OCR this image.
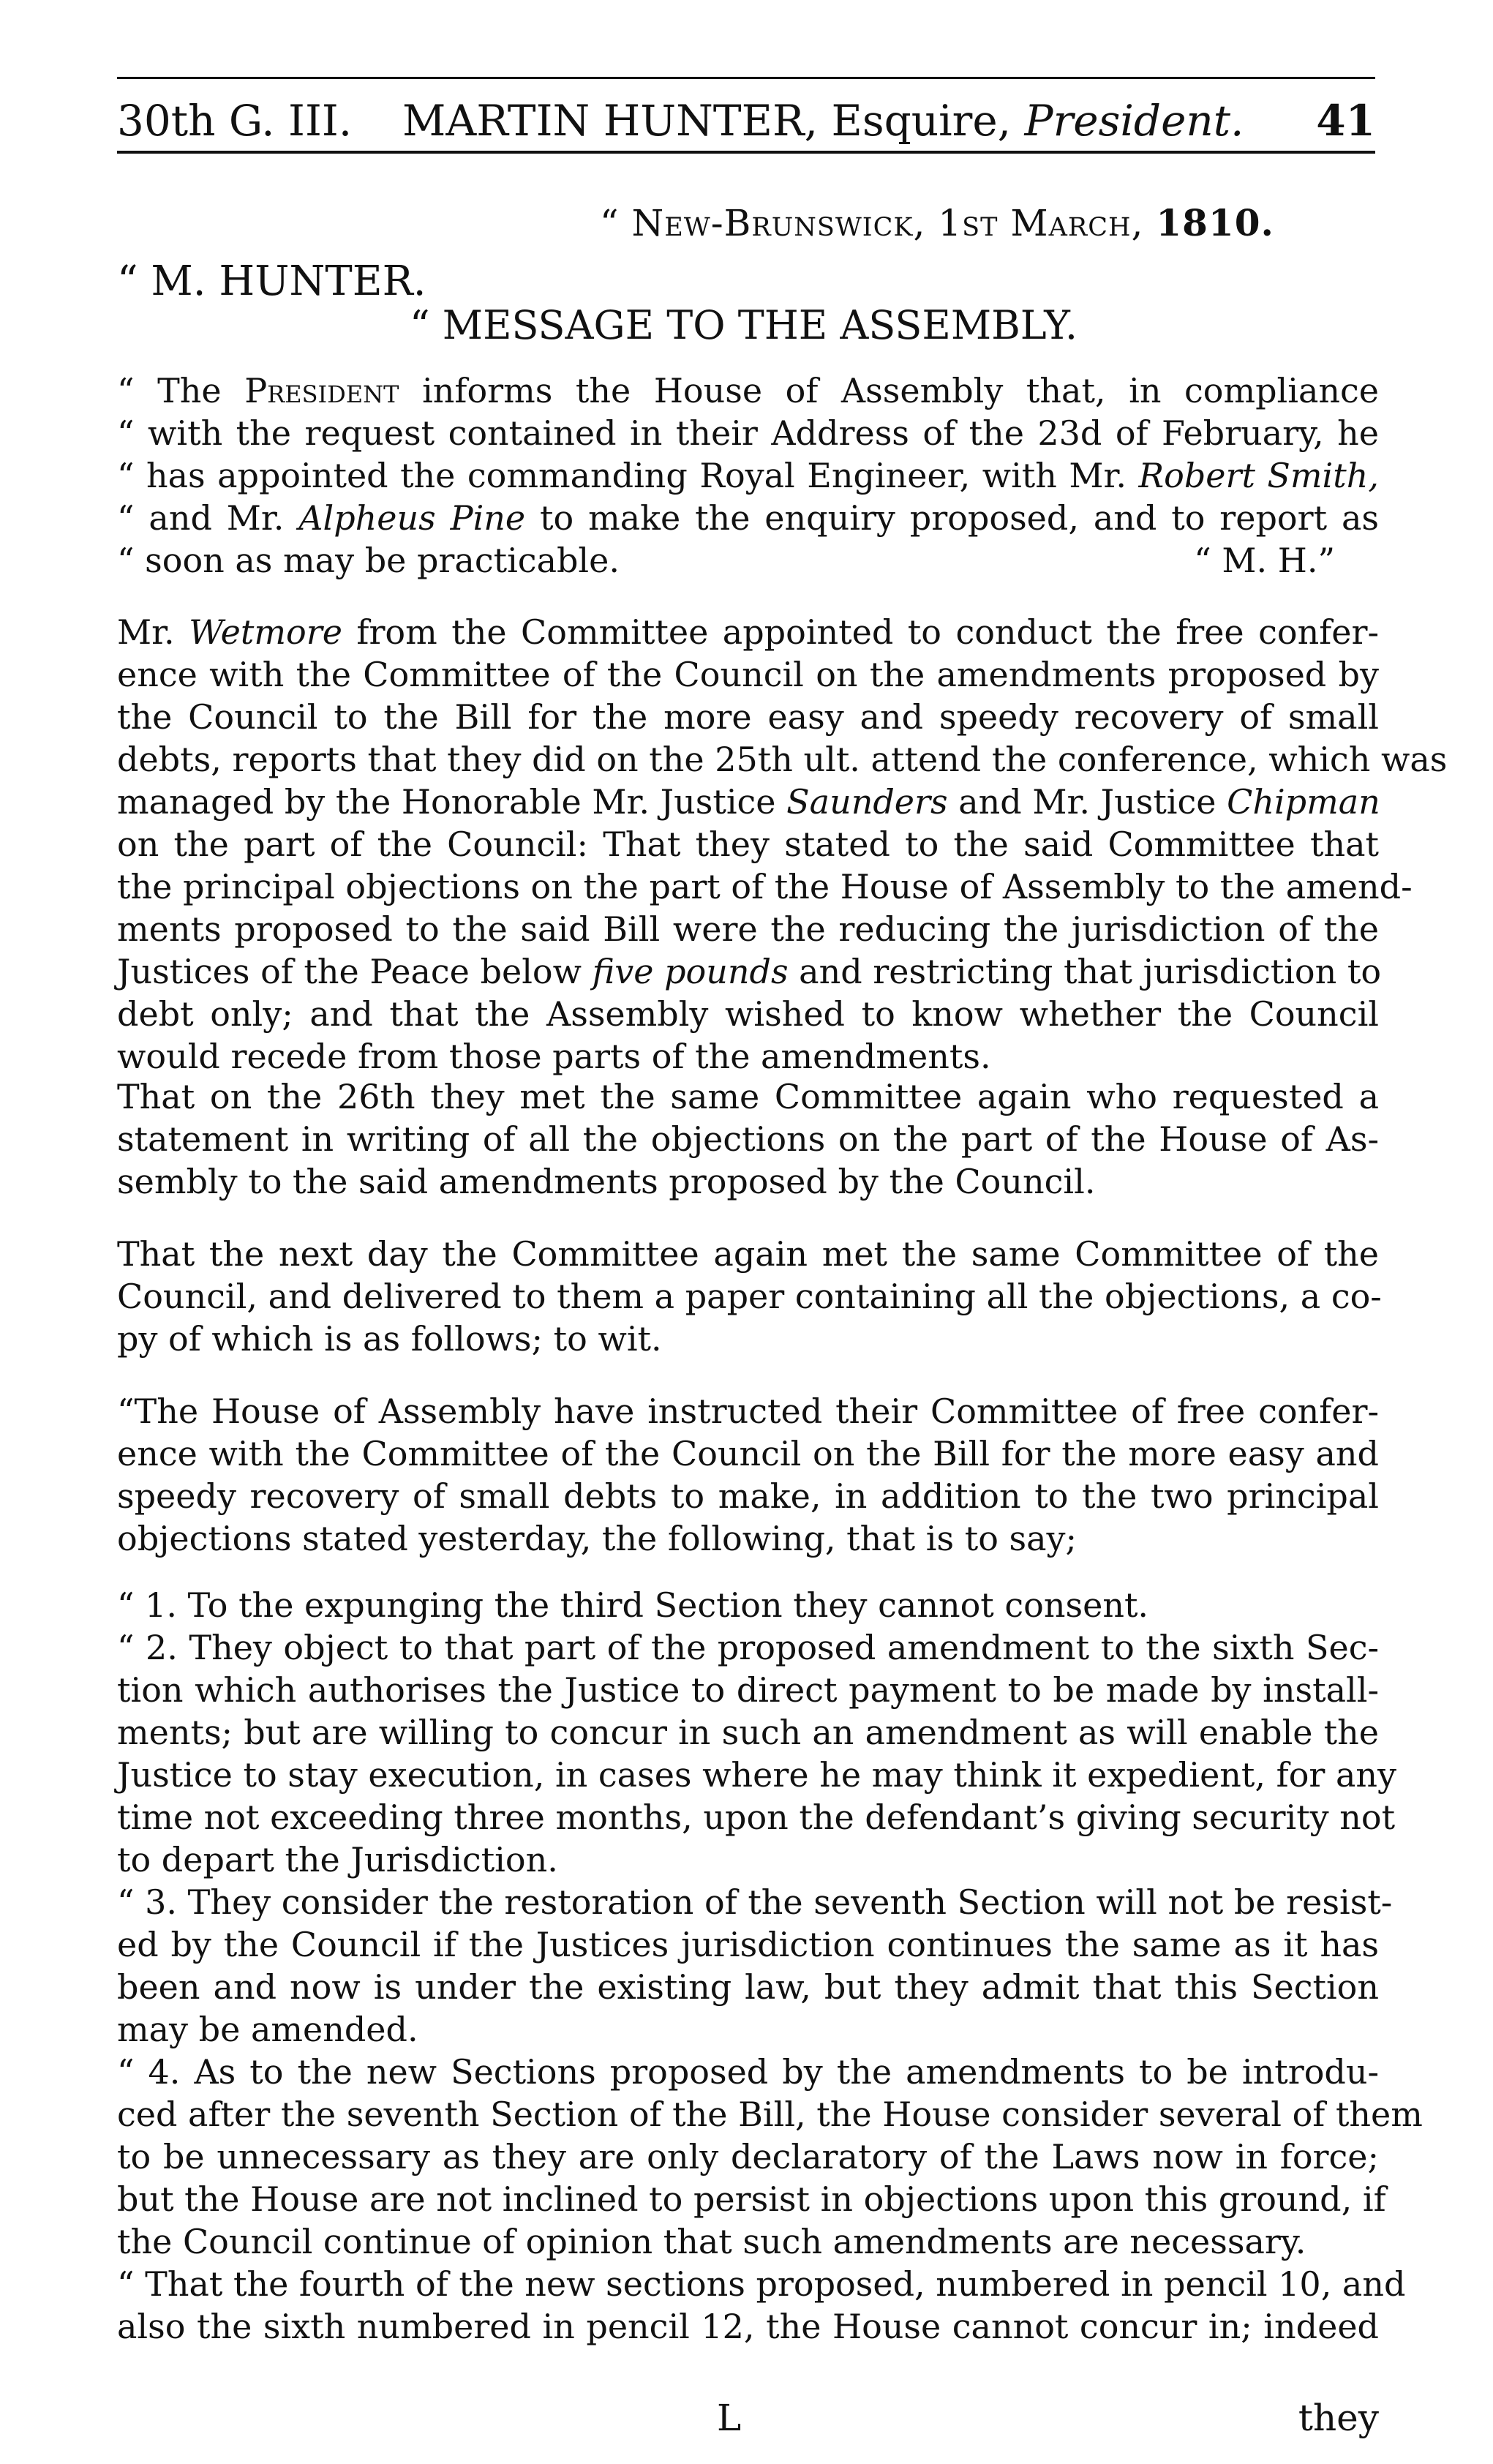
30th G. III. MARTIN HUNTER, Esquire, President. 41
“ New-Brunswick, 1st March, 1810.
“ M. HUNTER.
“ MESSAGE TO THE ASSEMBLY.

“ The President informs the House of Assembly that, in compliance

“ with the request contained in their Address of the 23d of February, he

“ has appointed the commanding Royal Engineer, with Mr. Robert Smith,

“ and Mr. Alpheus Pine to make the enquiry proposed, and to report as

“ soon as may be practicable.	“ M. H.”

Mr. Wetmore from the Committee appointed to conduct the free confer-

ence with the Committee of the Council on the amendments proposed by

the Council to the Bill for the more easy and speedy recovery of small

debts, reports that they did on the 25th ult. attend the conference, which was

managed by the Honorable Mr. Justice Saunders and Mr. Justice Chipman

on the part of the Council: That they stated to the said Committee that

the principal objections on the part of the House of Assembly to the amend-

ments proposed to the said Bill were the reducing the jurisdiction of the

Justices of the Peace below five pounds and restricting that jurisdiction to

debt only; and that the Assembly wished to know whether the Council

would recede from those parts of the amendments.

That on the 26th they met the same Committee again who requested a

statement in writing of all the objections on the part of the House of As-

sembly to the said amendments proposed by the Council.

That the next day the Committee again met the same Committee of the

Council, and delivered to them a paper containing all the objections, a co-

py of which is as follows; to wit.

“The House of Assembly have instructed their Committee of free confer-

ence with the Committee of the Council on the Bill for the more easy and

speedy recovery of small debts to make, in addition to the two principal

objections stated yesterday, the following, that is to say;

“ 1. To the expunging the third Section they cannot consent.

“ 2. They object to that part of the proposed amendment to the sixth Sec-

tion which authorises the Justice to direct payment to be made by install-

ments; but are willing to concur in such an amendment as will enable the

Justice to stay execution, in cases where he may think it expedient, for any

time not exceeding three months, upon the defendant’s giving security not

to depart the Jurisdiction.

“ 3. They consider the restoration of the seventh Section will not be resist-

ed by the Council if the Justices jurisdiction continues the same as it has

been and now is under the existing law, but they admit that this Section

may be amended.

“ 4. As to the new Sections proposed by the amendments to be introdu-

ced after the seventh Section of the Bill, the House consider several of them

to be unnecessary as they are only declaratory of the Laws now in force;

but the House are not inclined to persist in objections upon this ground, if

the Council continue of opinion that such amendments are necessary.

“ That the fourth of the new sections proposed, numbered in pencil 10, and

also the sixth numbered in pencil 12, the House cannot concur in; indeed

L	they
